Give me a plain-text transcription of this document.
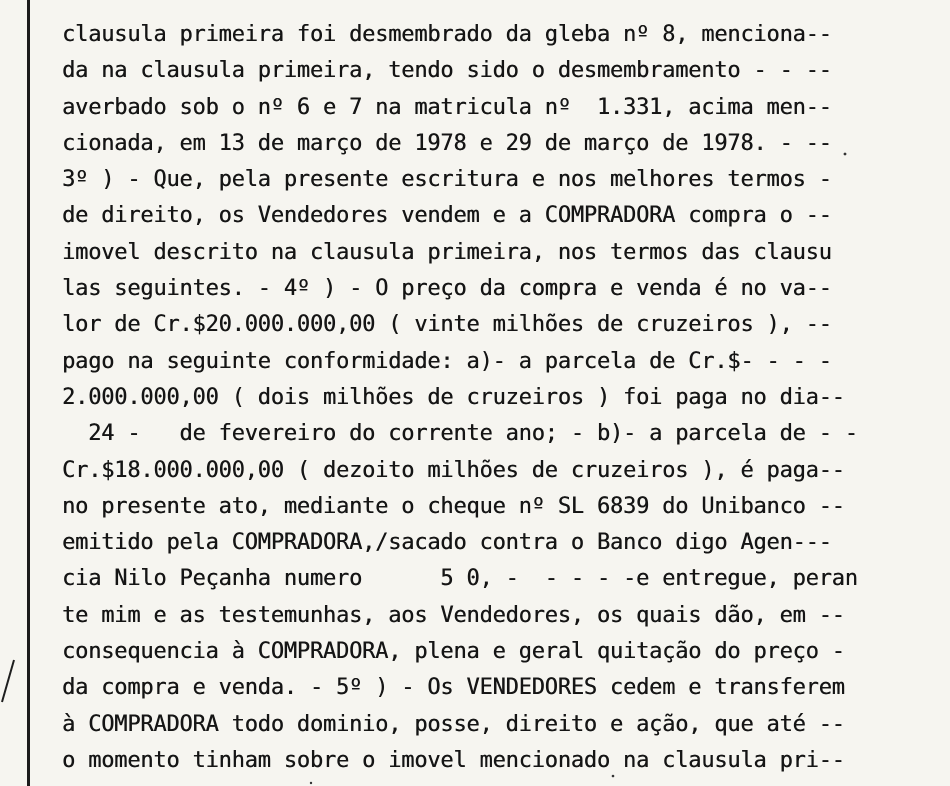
clausula primeira foi desmembrado da gleba nº 8, menciona--
da na clausula primeira, tendo sido o desmembramento - - --
averbado sob o nº 6 e 7 na matricula nº  1.331, acima men--
cionada, em 13 de março de 1978 e 29 de março de 1978. - --
3º ) - Que, pela presente escritura e nos melhores termos -
de direito, os Vendedores vendem e a COMPRADORA compra o --
imovel descrito na clausula primeira, nos termos das clausu
las seguintes. - 4º ) - O preço da compra e venda é no va--
lor de Cr.$20.000.000,00 ( vinte milhões de cruzeiros ), --
pago na seguinte conformidade: a)- a parcela de Cr.$- - - -
2.000.000,00 ( dois milhões de cruzeiros ) foi paga no dia--
24 -   de fevereiro do corrente ano; - b)- a parcela de - -
Cr.$18.000.000,00 ( dezoito milhões de cruzeiros ), é paga--
no presente ato, mediante o cheque nº SL 6839 do Unibanco --
emitido pela COMPRADORA,/sacado contra o Banco digo Agen---
cia Nilo Peçanha numero      5 0, -  - - - -e entregue, peran
te mim e as testemunhas, aos Vendedores, os quais dão, em --
consequencia à COMPRADORA, plena e geral quitação do preço -
da compra e venda. - 5º ) - Os VENDEDORES cedem e transferem
à COMPRADORA todo dominio, posse, direito e ação, que até --
o momento tinham sobre o imovel mencionado na clausula pri--
